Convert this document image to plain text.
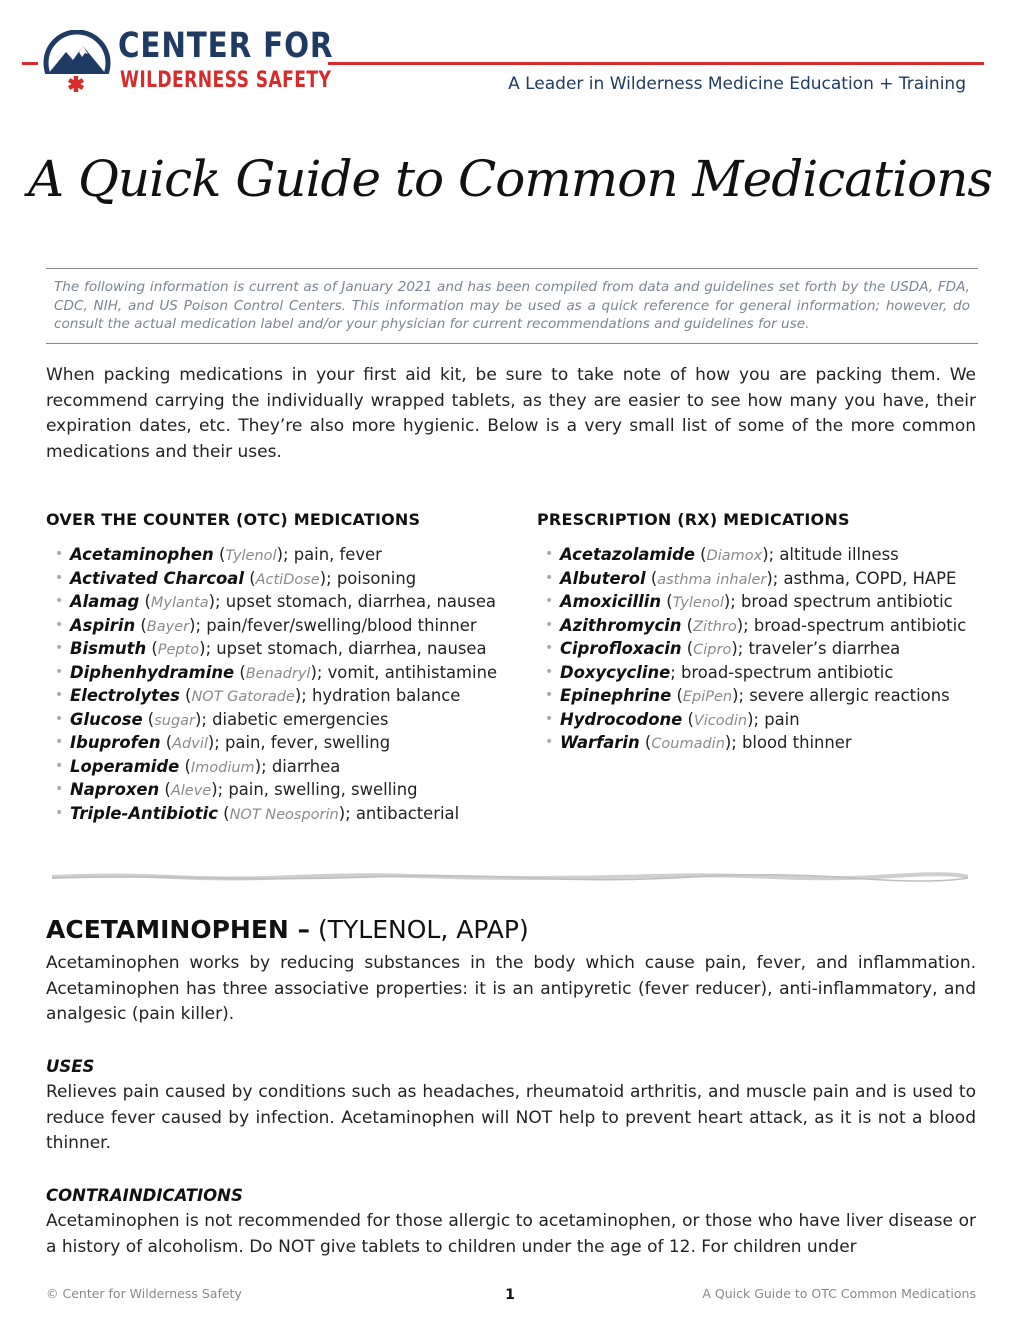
CENTER FOR
WILDERNESS SAFETY	A Leader in Wilderness Medicine Education + Training
A Quick Guide to Common Medications
The following information is current as of January 2021 and has been compiled from data and guidelines set forth by the USDA, FDA, CDC, NIH, and US Poison Control Centers. This information may be used as a quick reference for general information; however, do consult the actual medication label and/or your physician for current recommendations and guidelines for use.
When packing medications in your first aid kit, be sure to take note of how you are packing them. We recommend carrying the individually wrapped tablets, as they are easier to see how many you have, their expiration dates, etc. They’re also more hygienic. Below is a very small list of some of the more common medications and their uses.
OVER THE COUNTER (OTC) MEDICATIONS	PRESCRIPTION (RX) MEDICATIONS
• Acetaminophen (Tylenol); pain, fever
• Activated Charcoal (ActiDose); poisoning
• Alamag (Mylanta); upset stomach, diarrhea, nausea
• Aspirin (Bayer); pain/fever/swelling/blood thinner
• Bismuth (Pepto); upset stomach, diarrhea, nausea
• Diphenhydramine (Benadryl); vomit, antihistamine
• Electrolytes (NOT Gatorade); hydration balance
• Glucose (sugar); diabetic emergencies
• Ibuprofen (Advil); pain, fever, swelling
• Loperamide (Imodium); diarrhea
• Naproxen (Aleve); pain, swelling, swelling
• Triple-Antibiotic (NOT Neosporin); antibacterial
• Acetazolamide (Diamox); altitude illness
• Albuterol (asthma inhaler); asthma, COPD, HAPE
• Amoxicillin (Tylenol); broad spectrum antibiotic
• Azithromycin (Zithro); broad-spectrum antibiotic
• Ciprofloxacin (Cipro); traveler’s diarrhea
• Doxycycline; broad-spectrum antibiotic
• Epinephrine (EpiPen); severe allergic reactions
• Hydrocodone (Vicodin); pain
• Warfarin (Coumadin); blood thinner
ACETAMINOPHEN – (TYLENOL, APAP)
Acetaminophen works by reducing substances in the body which cause pain, fever, and inflammation. Acetaminophen has three associative properties: it is an antipyretic (fever reducer), anti-inflammatory, and analgesic (pain killer).
USES
Relieves pain caused by conditions such as headaches, rheumatoid arthritis, and muscle pain and is used to reduce fever caused by infection. Acetaminophen will NOT help to prevent heart attack, as it is not a blood thinner.
CONTRAINDICATIONS
Acetaminophen is not recommended for those allergic to acetaminophen, or those who have liver disease or a history of alcoholism. Do NOT give tablets to children under the age of 12. For children under
© Center for Wilderness Safety	1	A Quick Guide to OTC Common Medications
